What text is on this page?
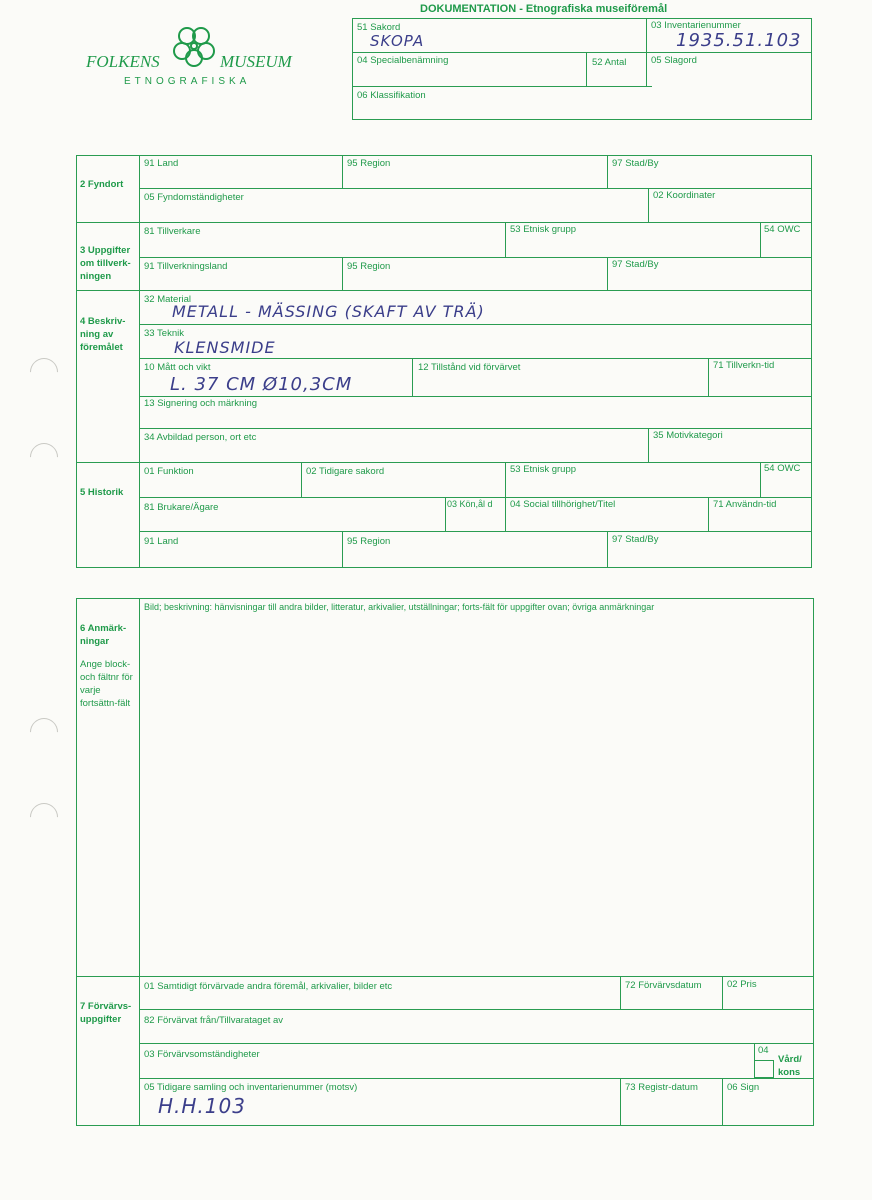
FOLKENS	MUSEUM
ETNOGRAFISKA
DOKUMENTATION - Etnografiska museiföremål
51 Sakord
SKOPA
03 Inventarienummer
1935.51.103
04 Specialbenämning	52 Antal	05 Slagord
06 Klassifikation
2 Fyndort
91 Land	95 Region	97 Stad/By
05 Fyndomständigheter	02 Koordinater
3 Uppgifter om tillverk-ningen
81 Tillverkare	53 Etnisk grupp	54 OWC
91 Tillverkningsland	95 Region	97 Stad/By
4 Beskriv-ning av föremålet
32 Material
METALL - MÄSSING (SKAFT AV TRÄ)
33 Teknik
KLENSMIDE
10 Mått och vikt
L. 37 CM Ø10,3CM
12 Tillstånd vid förvärvet	71 Tillverkn-tid
13 Signering och märkning
34 Avbildad person, ort etc	35 Motivkategori
5 Historik
01 Funktion	02 Tidigare sakord	53 Etnisk grupp	54 OWC
81 Brukare/Ägare	03 Kön,ål d 04 Social tillhörighet/Titel	71 Användn-tid
91 Land	95 Region	97 Stad/By
6 Anmärk-ningar
Ange block-och fältnr för varje fortsättn-fält
Bild; beskrivning: hänvisningar till andra bilder, litteratur, arkivalier, utställningar; forts-fält för uppgifter ovan; övriga anmärkningar
7 Förvärvs-uppgifter
01 Samtidigt förvärvade andra föremål, arkivalier, bilder etc	72 Förvärvsdatum	02 Pris
82 Förvärvat från/Tillvarataget av
03 Förvärvsomständigheter	04
Vård/ kons
05 Tidigare samling och inventarienummer (motsv)
H.H.103
73 Registr-datum	06 Sign
